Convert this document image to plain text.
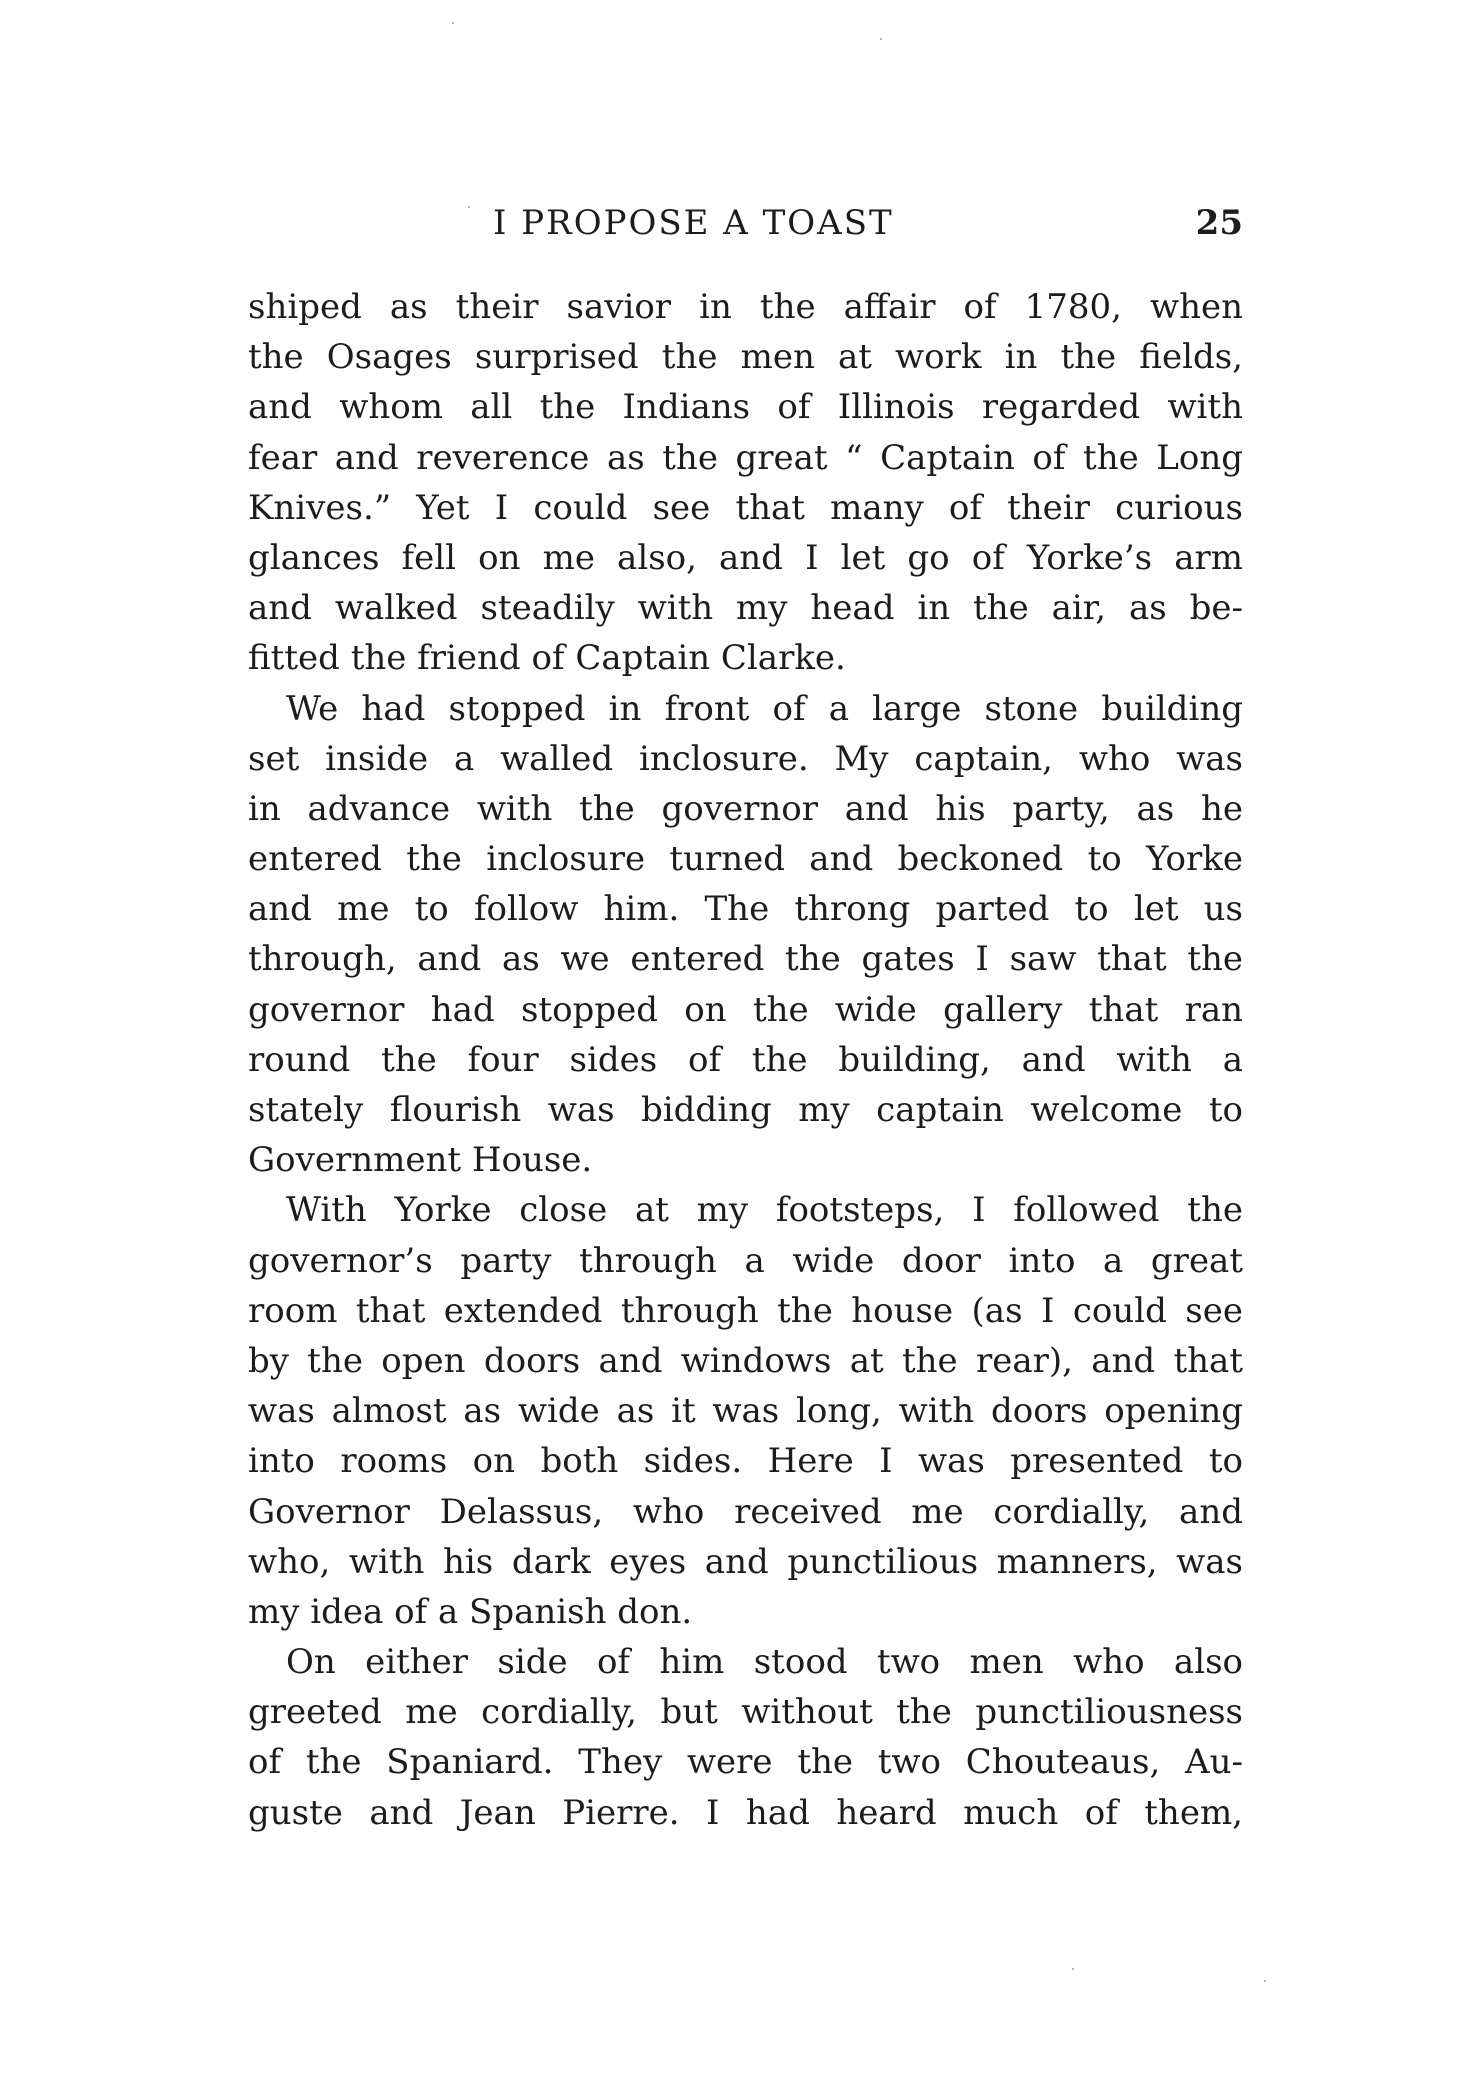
I PROPOSE A TOAST	25
shiped as their savior in the affair of 1780, when
the Osages surprised the men at work in the fields,
and whom all the Indians of Illinois regarded with
fear and reverence as the great “ Captain of the Long
Knives.” Yet I could see that many of their curious
glances fell on me also, and I let go of Yorke’s arm
and walked steadily with my head in the air, as be-
fitted the friend of Captain Clarke.
We had stopped in front of a large stone building
set inside a walled inclosure. My captain, who was
in advance with the governor and his party, as he
entered the inclosure turned and beckoned to Yorke
and me to follow him. The throng parted to let us
through, and as we entered the gates I saw that the
governor had stopped on the wide gallery that ran
round the four sides of the building, and with a
stately flourish was bidding my captain welcome to
Government House.
With Yorke close at my footsteps, I followed the
governor’s party through a wide door into a great
room that extended through the house (as I could see
by the open doors and windows at the rear), and that
was almost as wide as it was long, with doors opening
into rooms on both sides. Here I was presented to
Governor Delassus, who received me cordially, and
who, with his dark eyes and punctilious manners, was
my idea of a Spanish don.
On either side of him stood two men who also
greeted me cordially, but without the punctiliousness
of the Spaniard. They were the two Chouteaus, Au-
guste and Jean Pierre. I had heard much of them,
